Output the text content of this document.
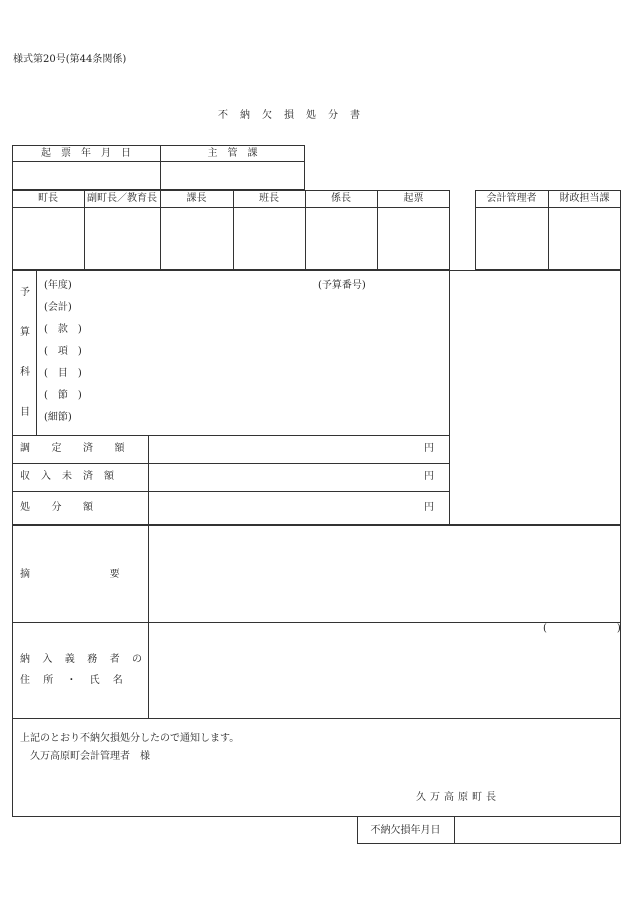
様式第20号(第44条関係)
不　納　欠　損　処　分　書
起　票　年　月　日	主　管　課
町長	副町長／教育長	課長	班長	係長	起票	会計管理者	財政担当課
予
算
科
目
(年度)	(予算番号)
(会計)
(　款　)
(　項　)
(　目　)
(　節　)
(細節)
調　　定　　済　　額	円
収　入　未　済　額	円
処　　分　　額	円
摘　　　　　　　要
納　入　義　務　者　の
住　所　・　氏　名
(　　　　　　　)
上記のとおり不納欠損処分したので通知します。
久万高原町会計管理者　様
久万高原町長
不納欠損年月日
